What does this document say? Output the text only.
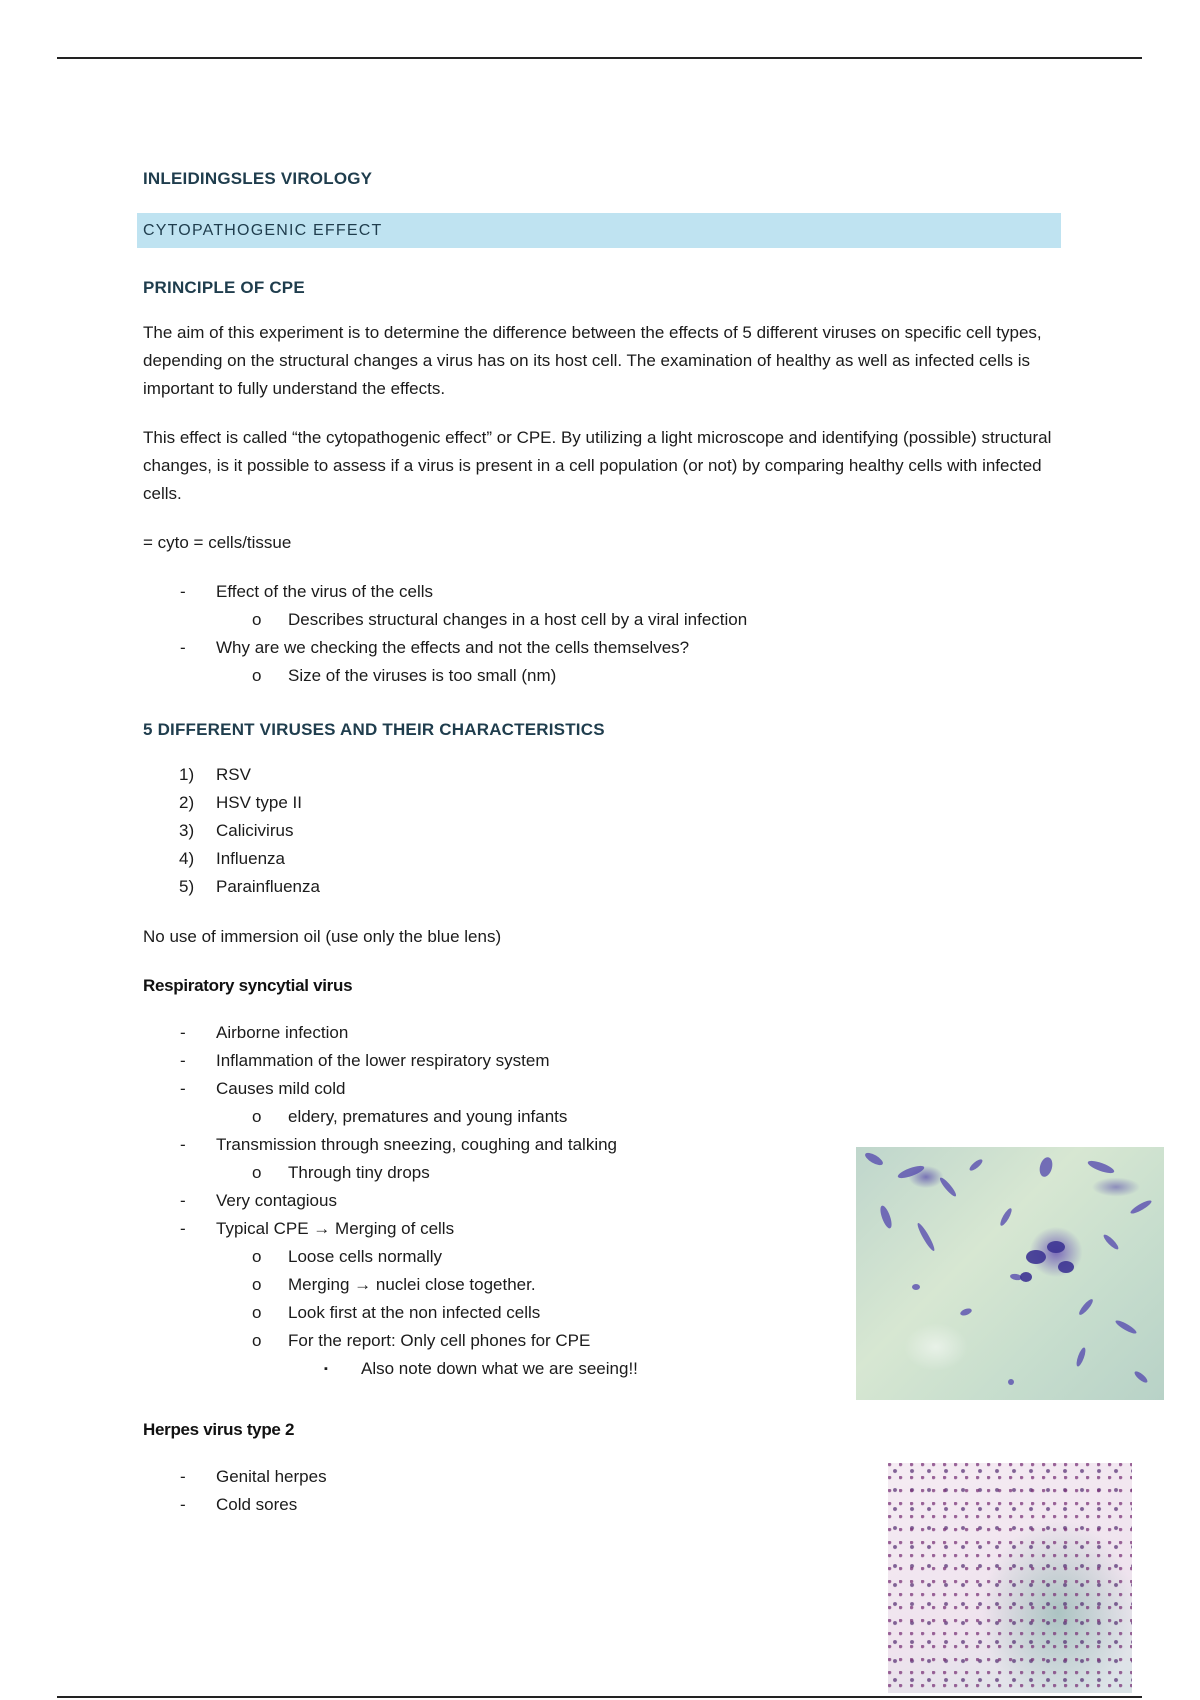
INLEIDINGSLES VIROLOGY

CYTOPATHOGENIC EFFECT

PRINCIPLE OF CPE

The aim of this experiment is to determine the difference between the effects of 5 different viruses on specific cell types, depending on the structural changes a virus has on its host cell. The examination of healthy as well as infected cells is important to fully understand the effects.

This effect is called “the cytopathogenic effect” or CPE. By utilizing a light microscope and identifying (possible) structural changes, is it possible to assess if a virus is present in a cell population (or not) by comparing healthy cells with infected cells.

= cyto = cells/tissue

- Effect of the virus of the cells
o Describes structural changes in a host cell by a viral infection
- Why are we checking the effects and not the cells themselves?
o Size of the viruses is too small (nm)

5 DIFFERENT VIRUSES AND THEIR CHARACTERISTICS

1) RSV
2) HSV type II
3) Calicivirus
4) Influenza
5) Parainfluenza

No use of immersion oil (use only the blue lens)

Respiratory syncytial virus

- Airborne infection
- Inflammation of the lower respiratory system
- Causes mild cold
o eldery, prematures and young infants
- Transmission through sneezing, coughing and talking
o Through tiny drops
- Very contagious
- Typical CPE → Merging of cells
o Loose cells normally
o Merging → nuclei close together.
o Look first at the non infected cells
o For the report: Only cell phones for CPE
▪ Also note down what we are seeing!!

Herpes virus type 2

- Genital herpes
- Cold sores
